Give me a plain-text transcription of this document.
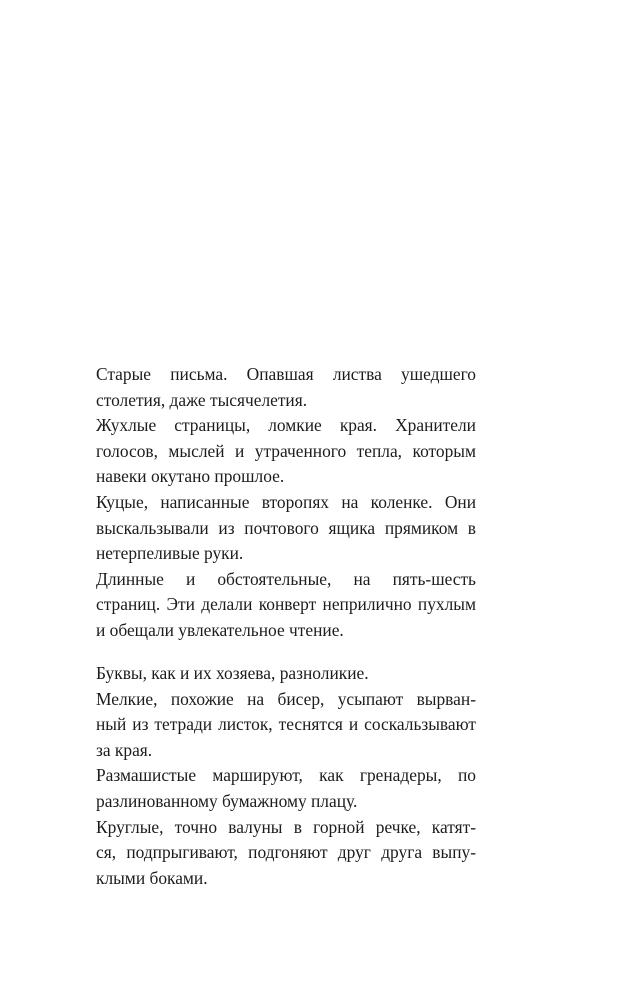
Старые письма. Опавшая листва ушедшего
столетия, даже тысячелетия.

Жухлые страницы, ломкие края. Хранители
голосов, мыслей и утраченного тепла, которым
навеки окутано прошлое.

Куцые, написанные второпях на коленке. Они
выскальзывали из почтового ящика прямиком в
нетерпеливые руки.

Длинные и обстоятельные, на пять-шесть
страниц. Эти делали конверт неприлично пухлым
и обещали увлекательное чтение.

Буквы, как и их хозяева, разноликие.

Мелкие, похожие на бисер, усыпают вырван-
ный из тетради листок, теснятся и соскальзывают
за края.

Размашистые маршируют, как гренадеры, по
разлинованному бумажному плацу.

Круглые, точно валуны в горной речке, катят-
ся, подпрыгивают, подгоняют друг друга выпу-
клыми боками.
